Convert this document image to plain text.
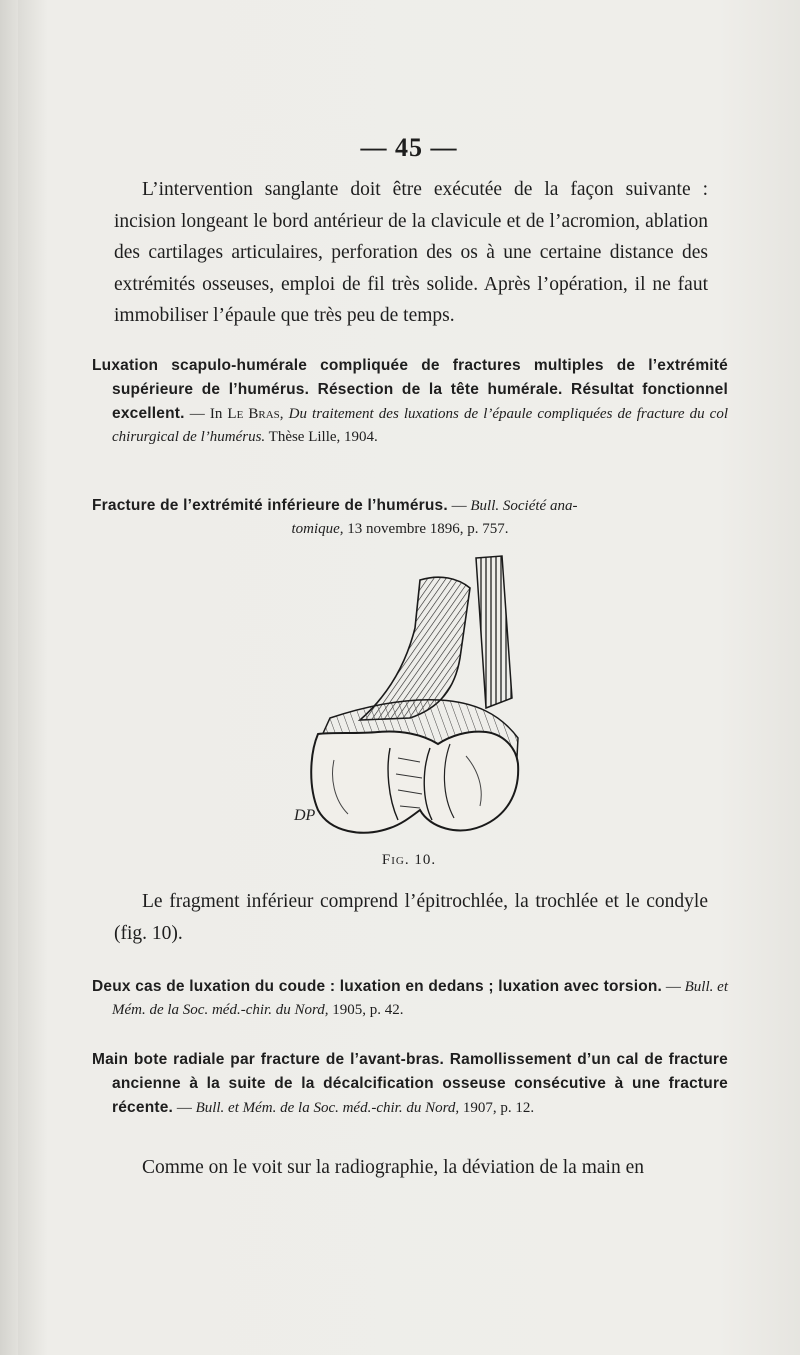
— 45 —

L’intervention sanglante doit être exécutée de la façon suivante : incision longeant le bord antérieur de la clavicule et de l’acromion, ablation des cartilages articulaires, perforation des os à une certaine distance des extrémités osseuses, emploi de fil très solide. Après l’opération, il ne faut immobiliser l’épaule que très peu de temps.

Luxation scapulo-humérale compliquée de fractures multiples de l’extrémité supérieure de l’humérus. Résection de la tête humérale. Résultat fonctionnel excellent. — In Le Bras, Du traitement des luxations de l’épaule compliquées de fracture du col chirurgical de l’humérus. Thèse Lille, 1904.

Fracture de l’extrémité inférieure de l’humérus. — Bull. Société ana-
tomique, 13 novembre 1896, p. 757.

DP
Fig. 10.

Le fragment inférieur comprend l’épitrochlée, la trochlée et le condyle (fig. 10).

Deux cas de luxation du coude : luxation en dedans ; luxation avec torsion. — Bull. et Mém. de la Soc. méd.-chir. du Nord, 1905, p. 42.

Main bote radiale par fracture de l’avant-bras. Ramollissement d’un cal de fracture ancienne à la suite de la décalcification osseuse consécutive à une fracture récente. — Bull. et Mém. de la Soc. méd.-chir. du Nord, 1907, p. 12.

Comme on le voit sur la radiographie, la déviation de la main en
